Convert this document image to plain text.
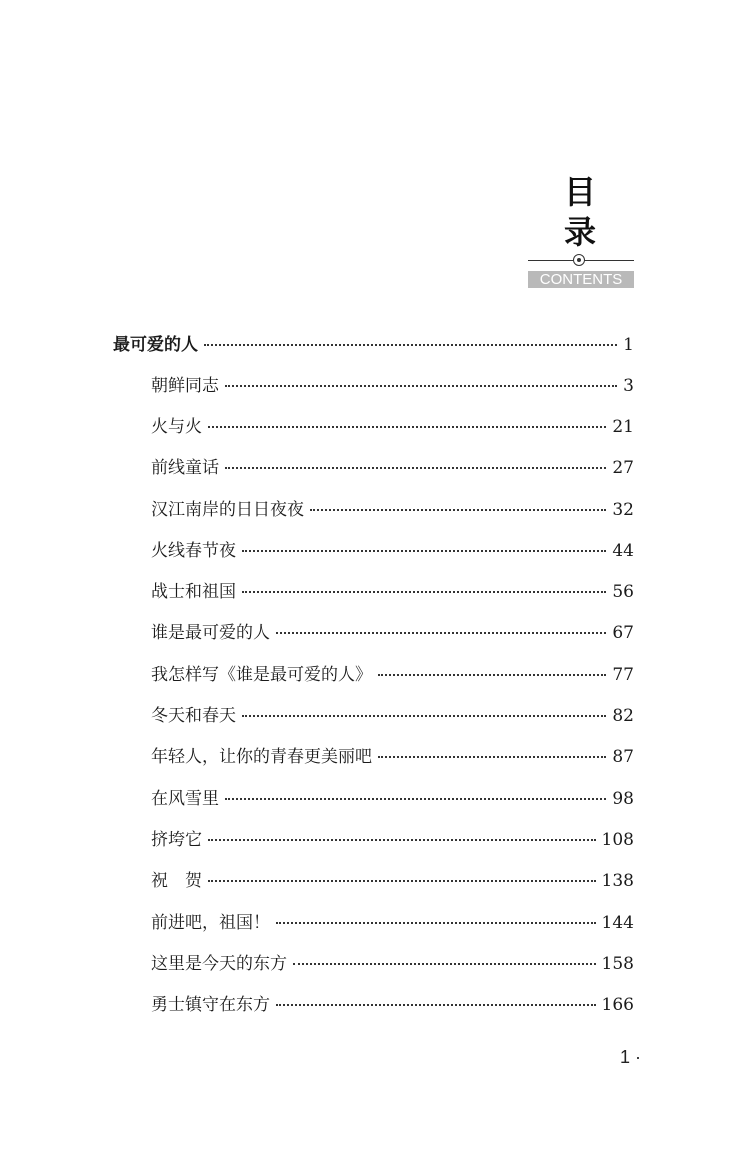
目录
CONTENTS
最可爱的人	1
朝鲜同志	3
火与火	21
前线童话	27
汉江南岸的日日夜夜	32
火线春节夜	44
战士和祖国	56
谁是最可爱的人	67
我怎样写《谁是最可爱的人》	77
冬天和春天	82
年轻人，让你的青春更美丽吧	87
在风雪里	98
挤垮它	108
祝　贺	138
前进吧，祖国！	144
这里是今天的东方	158
勇士镇守在东方	166
1 ·
